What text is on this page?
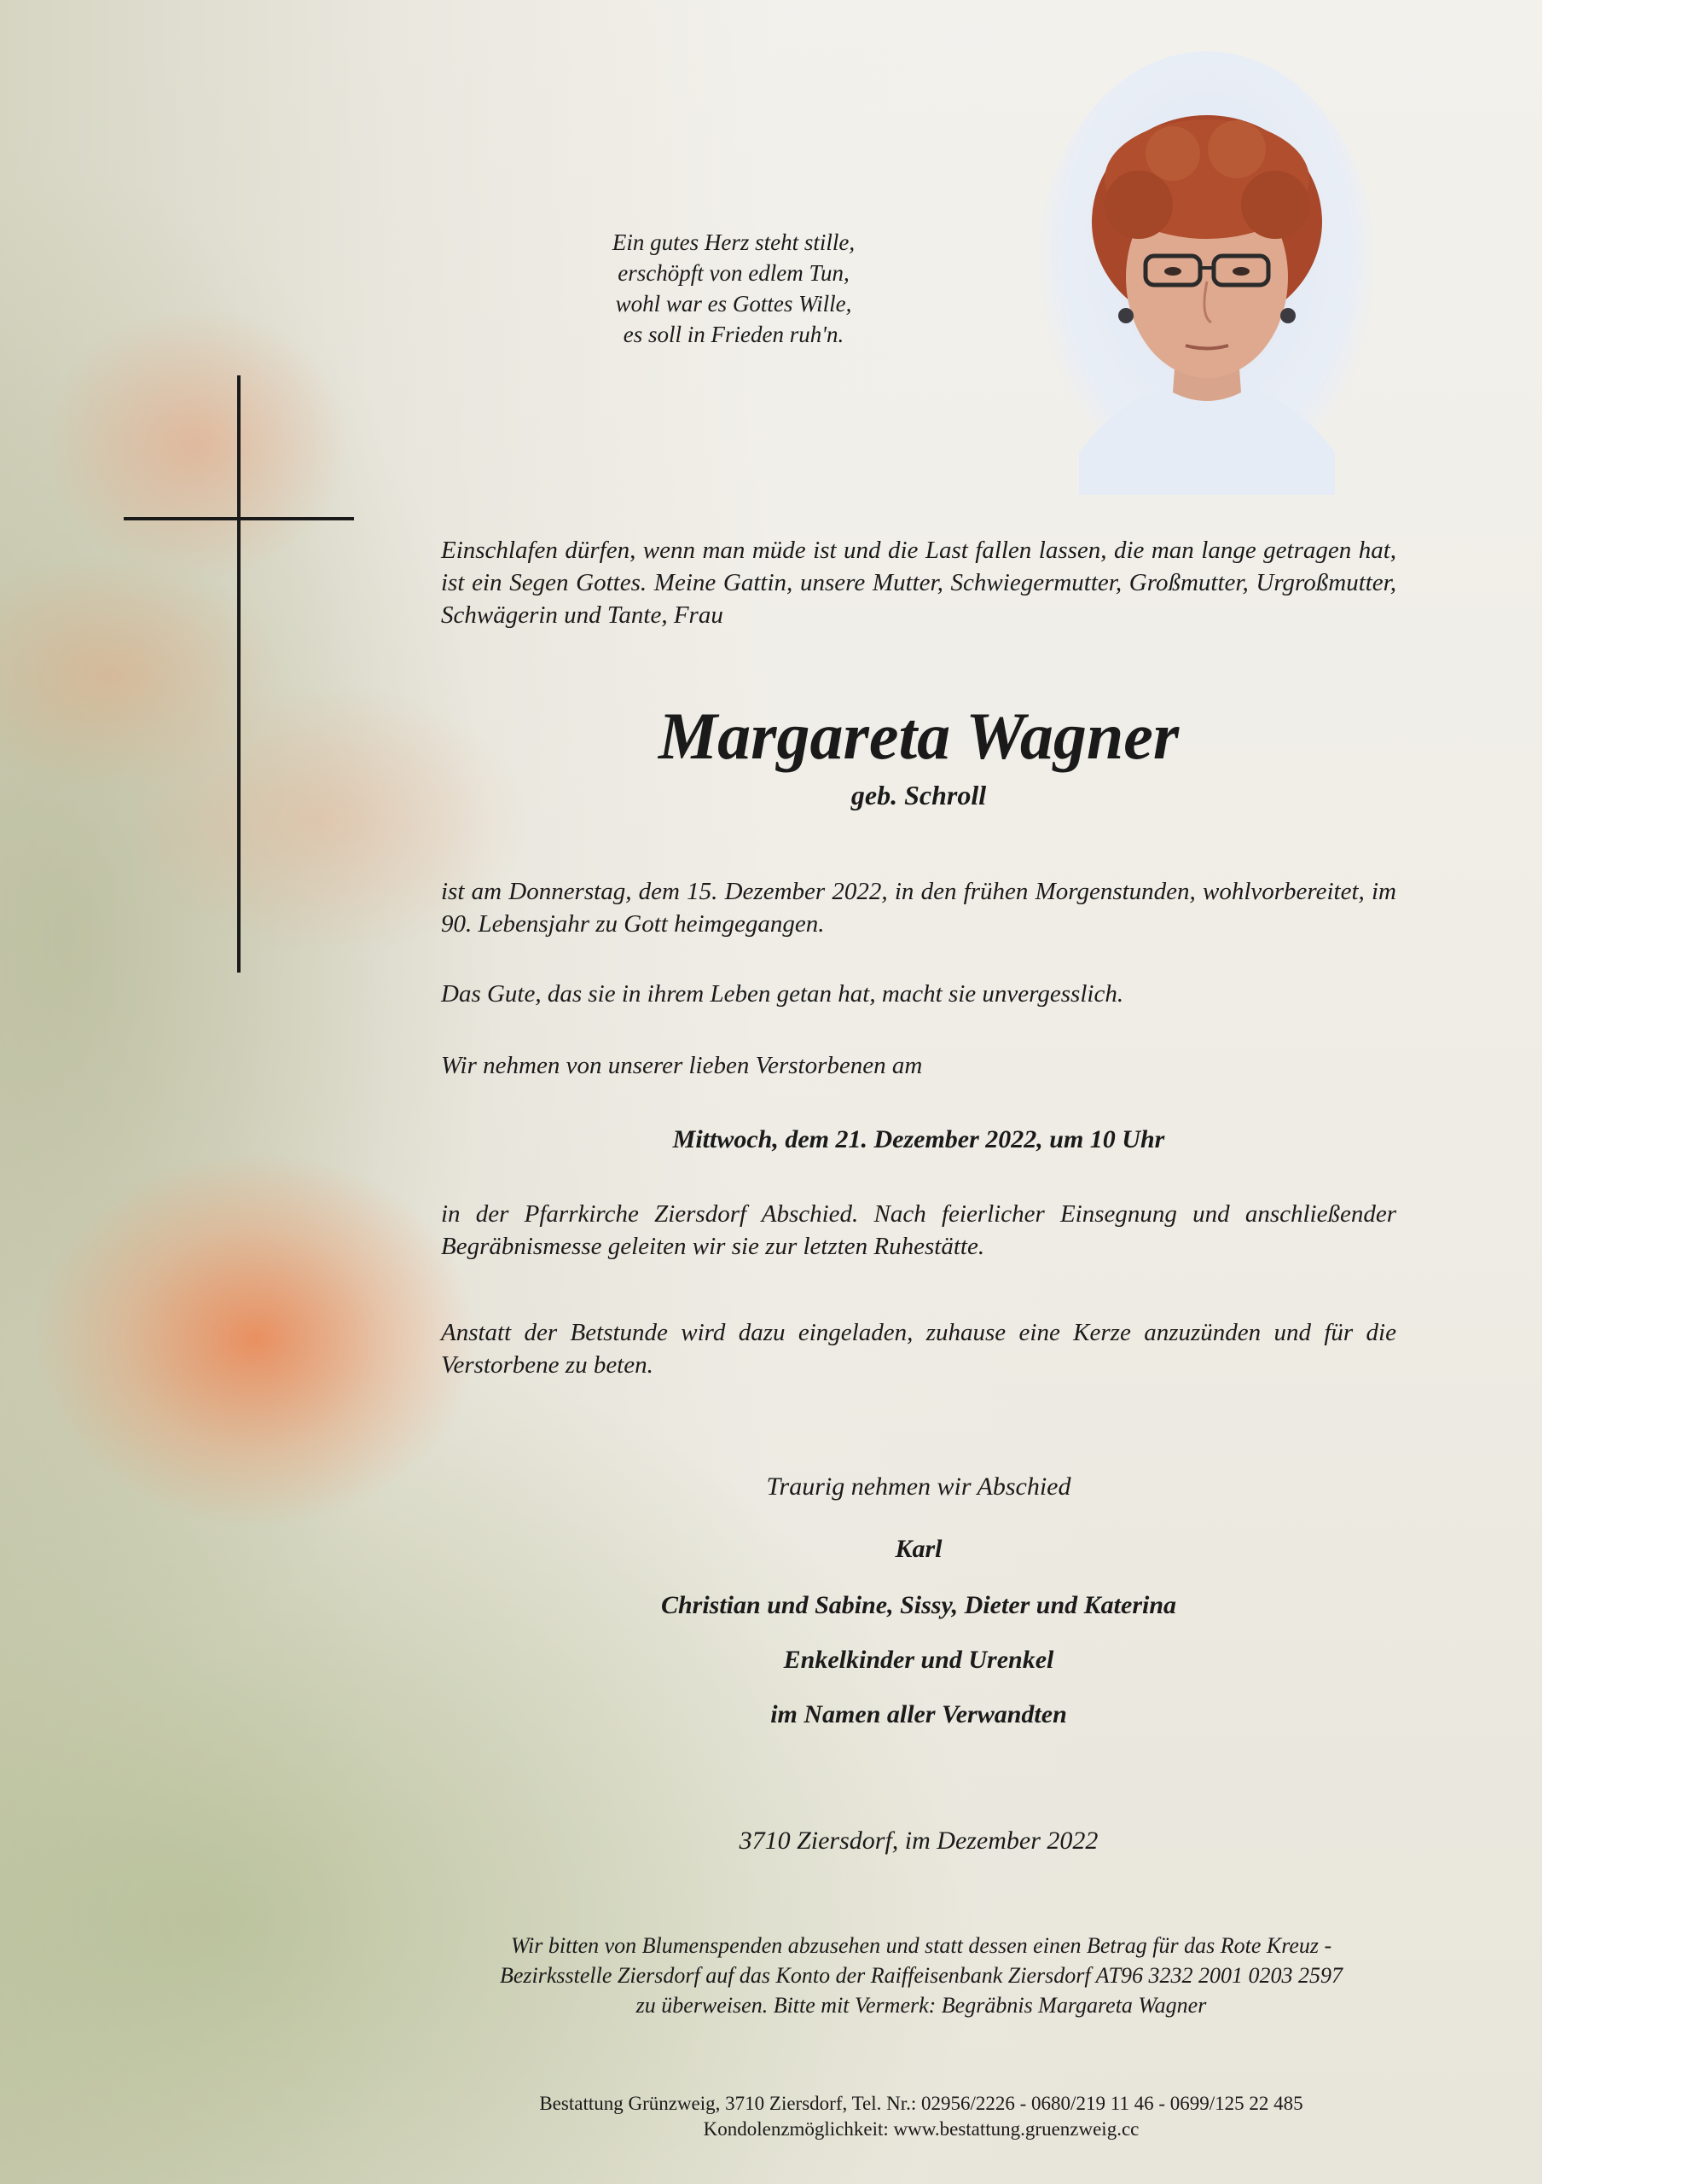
Ein gutes Herz steht stille,
erschöpft von edlem Tun,
wohl war es Gottes Wille,
es soll in Frieden ruh'n.

Einschlafen dürfen, wenn man müde ist und die Last fallen lassen, die man lange getragen hat, ist ein Segen Gottes. Meine Gattin, unsere Mutter, Schwiegermutter, Großmutter, Urgroßmutter, Schwägerin und Tante, Frau

Margareta Wagner

geb. Schroll

ist am Donnerstag, dem 15. Dezember 2022, in den frühen Morgenstunden, wohlvorbereitet, im 90. Lebensjahr zu Gott heimgegangen.

Das Gute, das sie in ihrem Leben getan hat, macht sie unvergesslich.

Wir nehmen von unserer lieben Verstorbenen am

Mittwoch, dem 21. Dezember 2022, um 10 Uhr

in der Pfarrkirche Ziersdorf Abschied. Nach feierlicher Einsegnung und anschließender Begräbnismesse geleiten wir sie zur letzten Ruhestätte.

Anstatt der Betstunde wird dazu eingeladen, zuhause eine Kerze anzuzünden und für die Verstorbene zu beten.

Traurig nehmen wir Abschied

Karl

Christian und Sabine, Sissy, Dieter und Katerina

Enkelkinder und Urenkel

im Namen aller Verwandten

3710 Ziersdorf, im Dezember 2022

Wir bitten von Blumenspenden abzusehen und statt dessen einen Betrag für das Rote Kreuz -
Bezirksstelle Ziersdorf auf das Konto der Raiffeisenbank Ziersdorf AT96 3232 2001 0203 2597
zu überweisen. Bitte mit Vermerk: Begräbnis Margareta Wagner

Bestattung Grünzweig, 3710 Ziersdorf, Tel. Nr.: 02956/2226 - 0680/219 11 46 - 0699/125 22 485
Kondolenzmöglichkeit: www.bestattung.gruenzweig.cc
